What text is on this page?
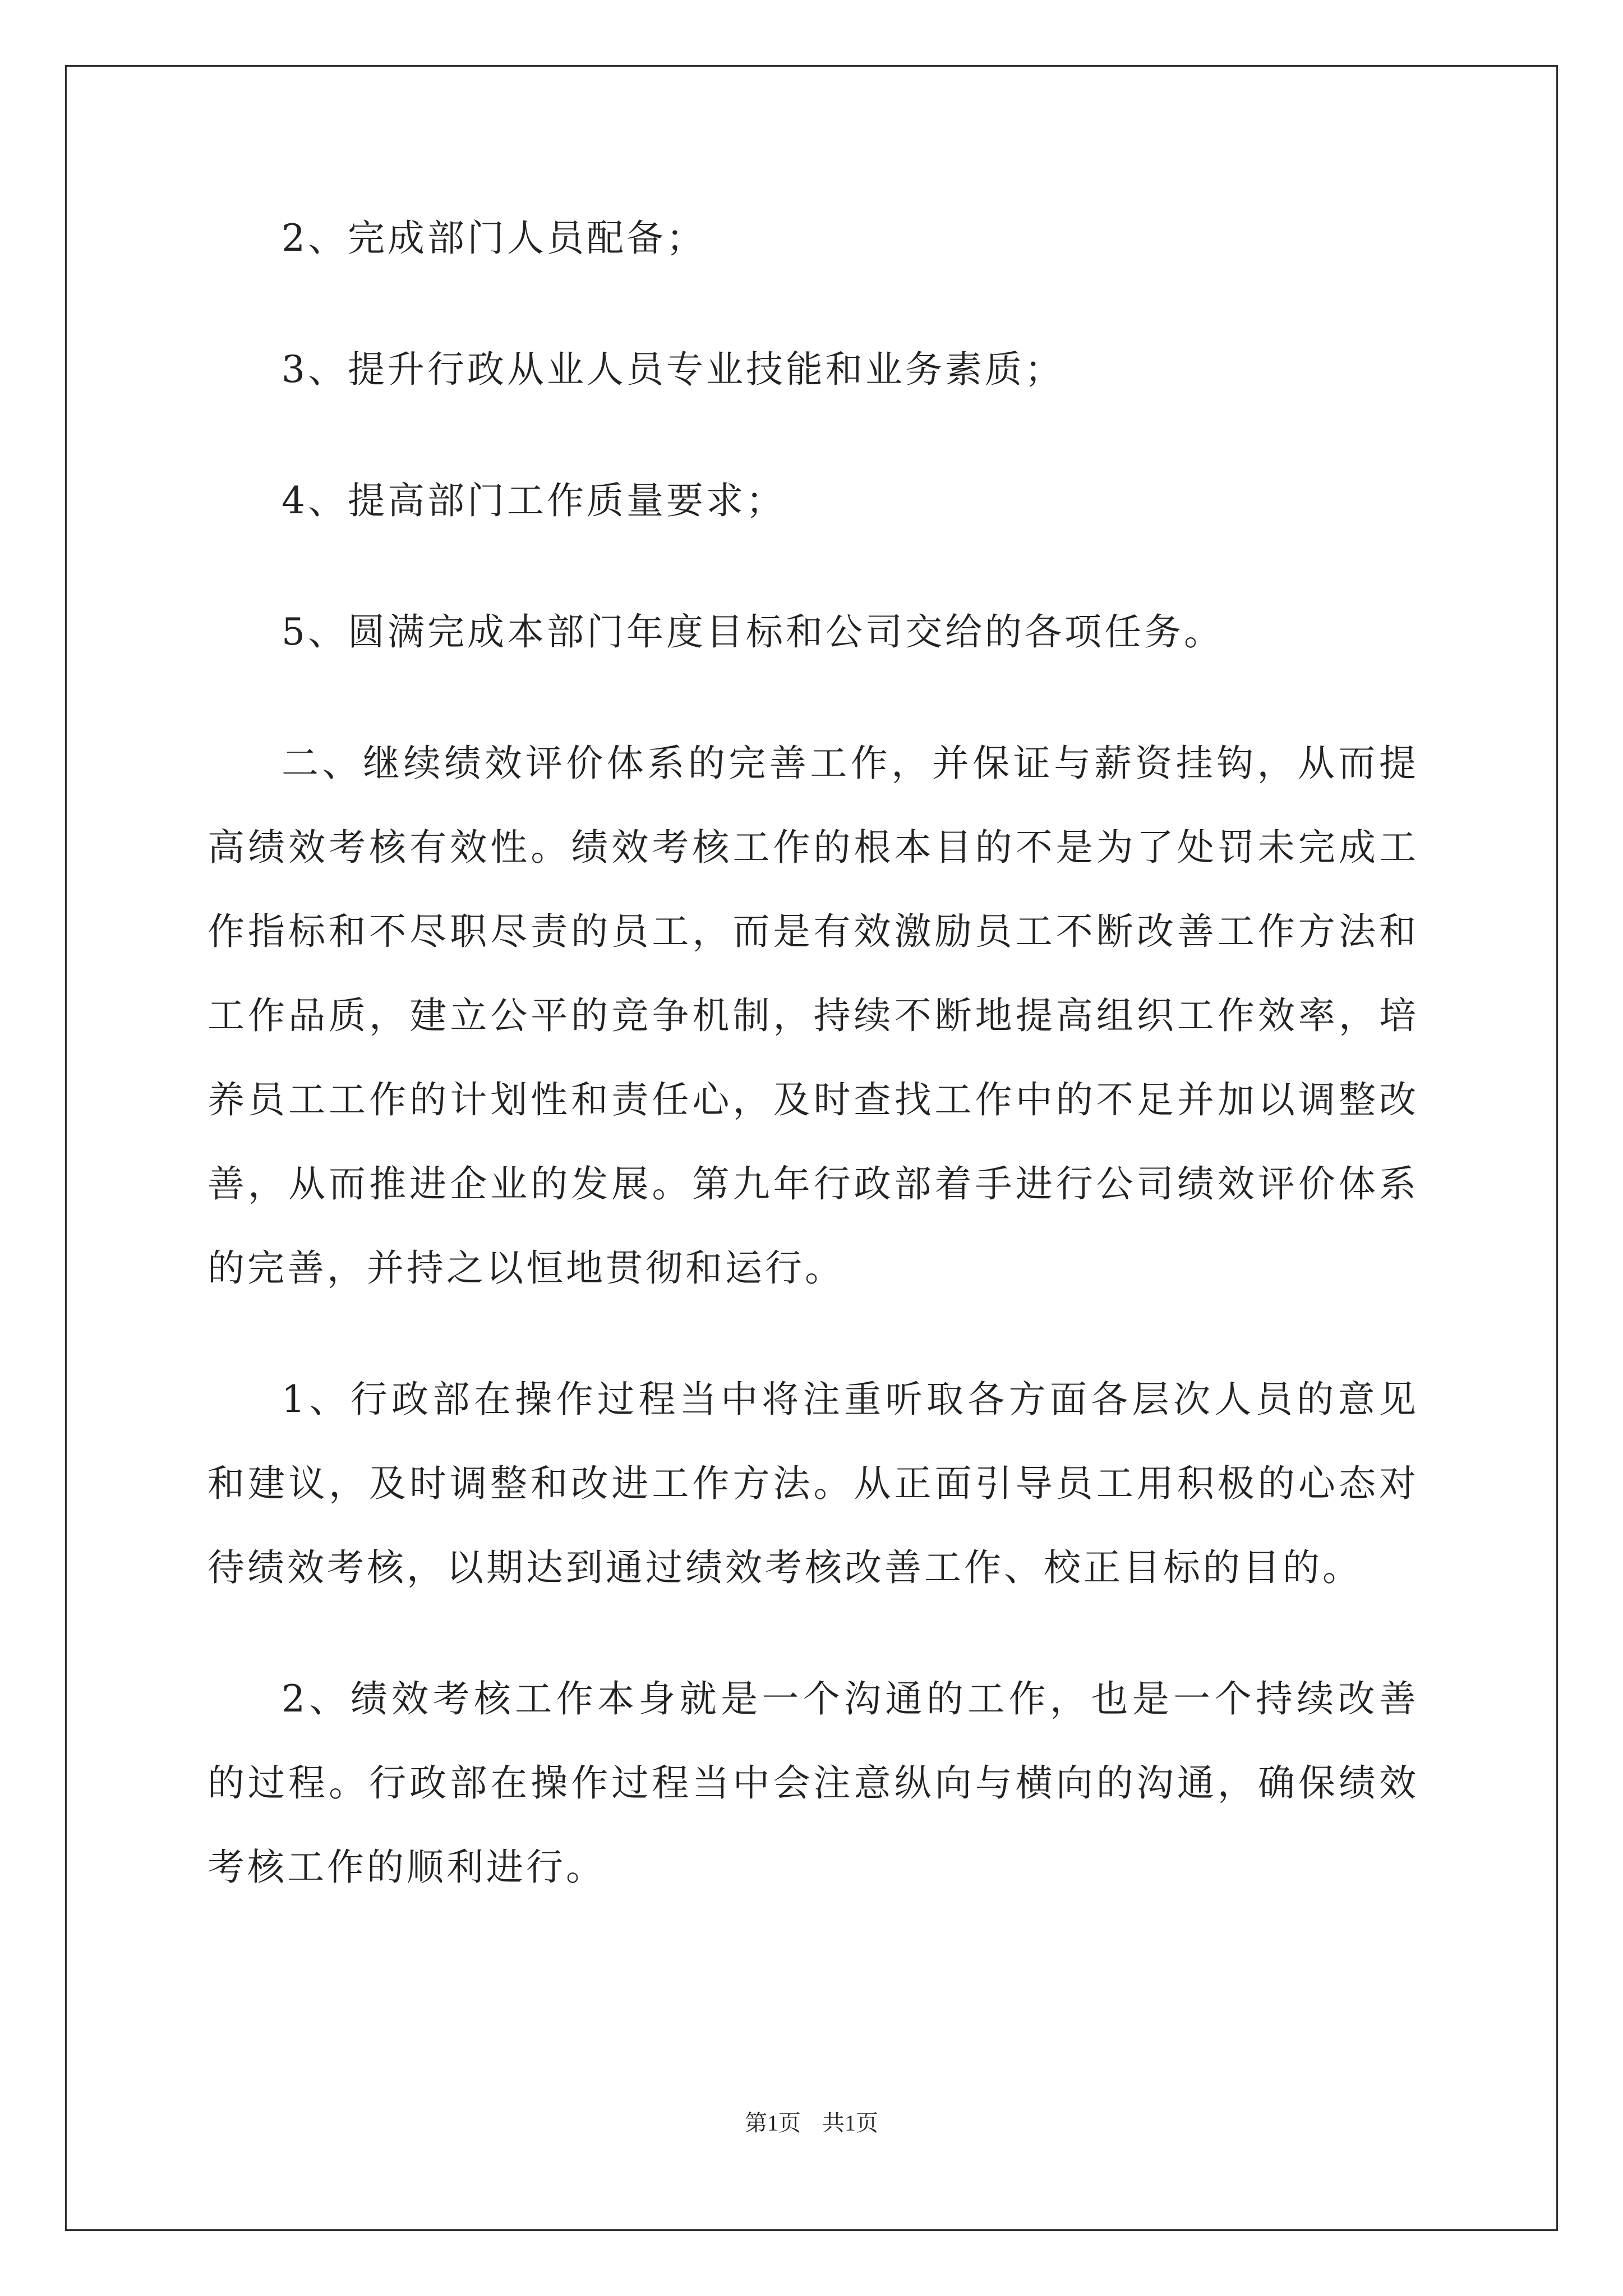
2、完成部门人员配备；

3、提升行政从业人员专业技能和业务素质；

4、提高部门工作质量要求；

5、圆满完成本部门年度目标和公司交给的各项任务。

二、继续绩效评价体系的完善工作，并保证与薪资挂钩，从而提高绩效考核有效性。绩效考核工作的根本目的不是为了处罚未完成工作指标和不尽职尽责的员工，而是有效激励员工不断改善工作方法和工作品质，建立公平的竞争机制，持续不断地提高组织工作效率，培养员工工作的计划性和责任心，及时查找工作中的不足并加以调整改善，从而推进企业的发展。第九年行政部着手进行公司绩效评价体系的完善，并持之以恒地贯彻和运行。

1、行政部在操作过程当中将注重听取各方面各层次人员的意见和建议，及时调整和改进工作方法。从正面引导员工用积极的心态对待绩效考核，以期达到通过绩效考核改善工作、校正目标的目的。

2、绩效考核工作本身就是一个沟通的工作，也是一个持续改善的过程。行政部在操作过程当中会注意纵向与横向的沟通，确保绩效考核工作的顺利进行。

第1页 共1页
